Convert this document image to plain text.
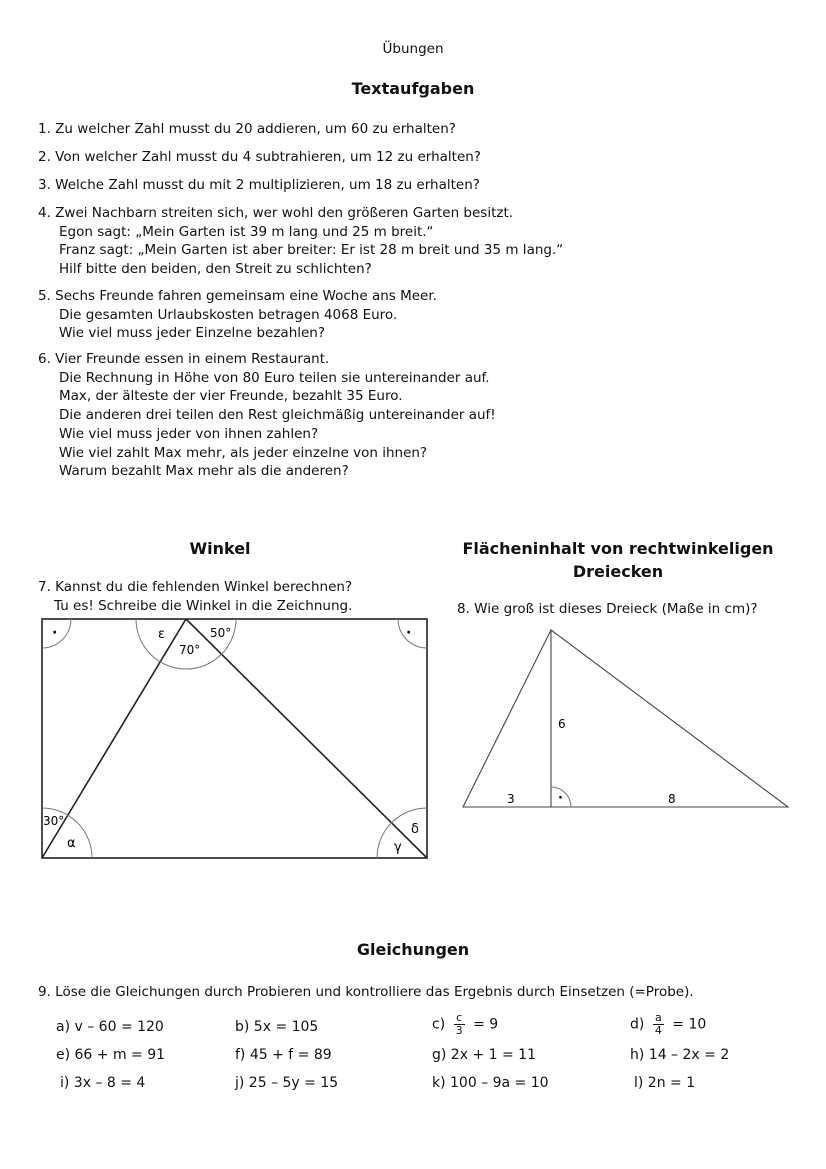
Übungen
Textaufgaben
1. Zu welcher Zahl musst du 20 addieren, um 60 zu erhalten?
2. Von welcher Zahl musst du 4 subtrahieren, um 12 zu erhalten?
3. Welche Zahl musst du mit 2 multiplizieren, um 18 zu erhalten?
4. Zwei Nachbarn streiten sich, wer wohl den größeren Garten besitzt.
Egon sagt: „Mein Garten ist 39 m lang und 25 m breit.“
Franz sagt: „Mein Garten ist aber breiter: Er ist 28 m breit und 35 m lang.“
Hilf bitte den beiden, den Streit zu schlichten?
5. Sechs Freunde fahren gemeinsam eine Woche ans Meer.
Die gesamten Urlaubskosten betragen 4068 Euro.
Wie viel muss jeder Einzelne bezahlen?
6. Vier Freunde essen in einem Restaurant.
Die Rechnung in Höhe von 80 Euro teilen sie untereinander auf.
Max, der älteste der vier Freunde, bezahlt 35 Euro.
Die anderen drei teilen den Rest gleichmäßig untereinander auf!
Wie viel muss jeder von ihnen zahlen?
Wie viel zahlt Max mehr, als jeder einzelne von ihnen?
Warum bezahlt Max mehr als die anderen?
Winkel
7. Kannst du die fehlenden Winkel berechnen?
Tu es! Schreibe die Winkel in die Zeichnung.
·	·
ε	50°
70°
30°
α
δ
γ
Flächeninhalt von rechtwinkeligen
Dreiecken
8. Wie groß ist dieses Dreieck (Maße in cm)?
6
3	8
·
Gleichungen
9. Löse die Gleichungen durch Probieren und kontrolliere das Ergebnis durch Einsetzen (=Probe).
a) v – 60 = 120	b) 5x = 105	$c) \frac{c}{3} = 9$	$d) \frac{a}{4} = 10$
e) 66 + m = 91	f) 45 + f = 89	g) 2x + 1 = 11	h) 14 – 2x = 2
i) 3x – 8 = 4	j) 25 – 5y = 15	k) 100 – 9a = 10	l) 2n = 1
